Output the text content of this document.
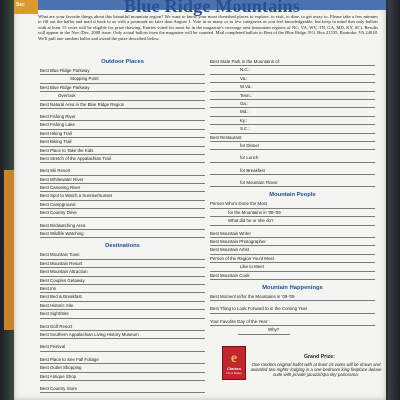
Sec	Blue Ridge Mountains
What are your favorite things about this beautiful mountain region? We want to know your most cherished places to explore, to visit, to dine, to get away to. Please take a few minutes to fill out the ballot and mail it back to us with a postmark no later than August 1. Vote in as many or as few categories as you feel knowledgeable, but keep in mind that only ballots with at least 15 votes will be eligible for prize drawing. Entries voted for must be in the magazine's coverage area (mountain regions of NC, VA, WV, TN, GA, MD, KY, SC). Results will appear in the Nov./Dec. 2008 issue. Only actual ballots from the magazine will be counted. Mail completed ballots to Best of the Blue Ridge, P.O. Box 21535, Roanoke, VA 24018. We'll pull one random ballot and award the prize described below.
Outdoor Places
Best Blue Ridge Parkway
Stopping Point
Best Blue Ridge Parkway
Overlook
Best Natural Area in the Blue Ridge Region
Best Fishing River
Best Fishing Lake
Best Hiking Trail
Best Biking Trail
Best Place to Take the Kids
Best Stretch of the Appalachian Trail
Best Ski Resort
Best Whitewater River
Best Canoeing River
Best Spot to Watch a Sunrise/Sunset
Best Campground
Best Country Drive
Best Birdwatching Area
Best Wildlife Watching
Destinations
Best Mountain Town
Best Mountain Resort
Best Mountain Attraction
Best Couples Getaway
Best Inn
Best Bed & Breakfast
Best Historic Site
Best Sight/Site
Best Golf Resort
Best Southern Appalachian Living History Museum
Best Festival
Best Place to See Fall Foliage
Best Outlet Shopping
Best Antique Shop
Best Country Store
Best State Park in the Mountains of:
N.C.:
Va.:
W.Va.:
Tenn.:
Ga.:
Md.:
Ky.:
S.C.:
Best Restaurant
for Dinner
for Lunch
for Breakfast
for Mountain Flavor
Mountain People
Person Who's Done the Most
for the Mountains in '08-'09
What did he or she do?
Best Mountain Writer
Best Mountain Photographer
Best Mountain Artist
Person of the Region You'd Most
Like to Meet
Best Mountain Cook
Mountain Happenings
Best Moment in/for the Mountains in '08-'09
Best Thing to Look Forward to in the Coming Year
Your Favorite Day of the Year:
Why?
e
Clarion
Inn & Suites
Grand Prize:
One random original ballot with at least 15 votes will be drawn and awarded two nights' lodging in a one-bedroom king fireplace deluxe suite with private jacuzzi/spa sky-panorama.
